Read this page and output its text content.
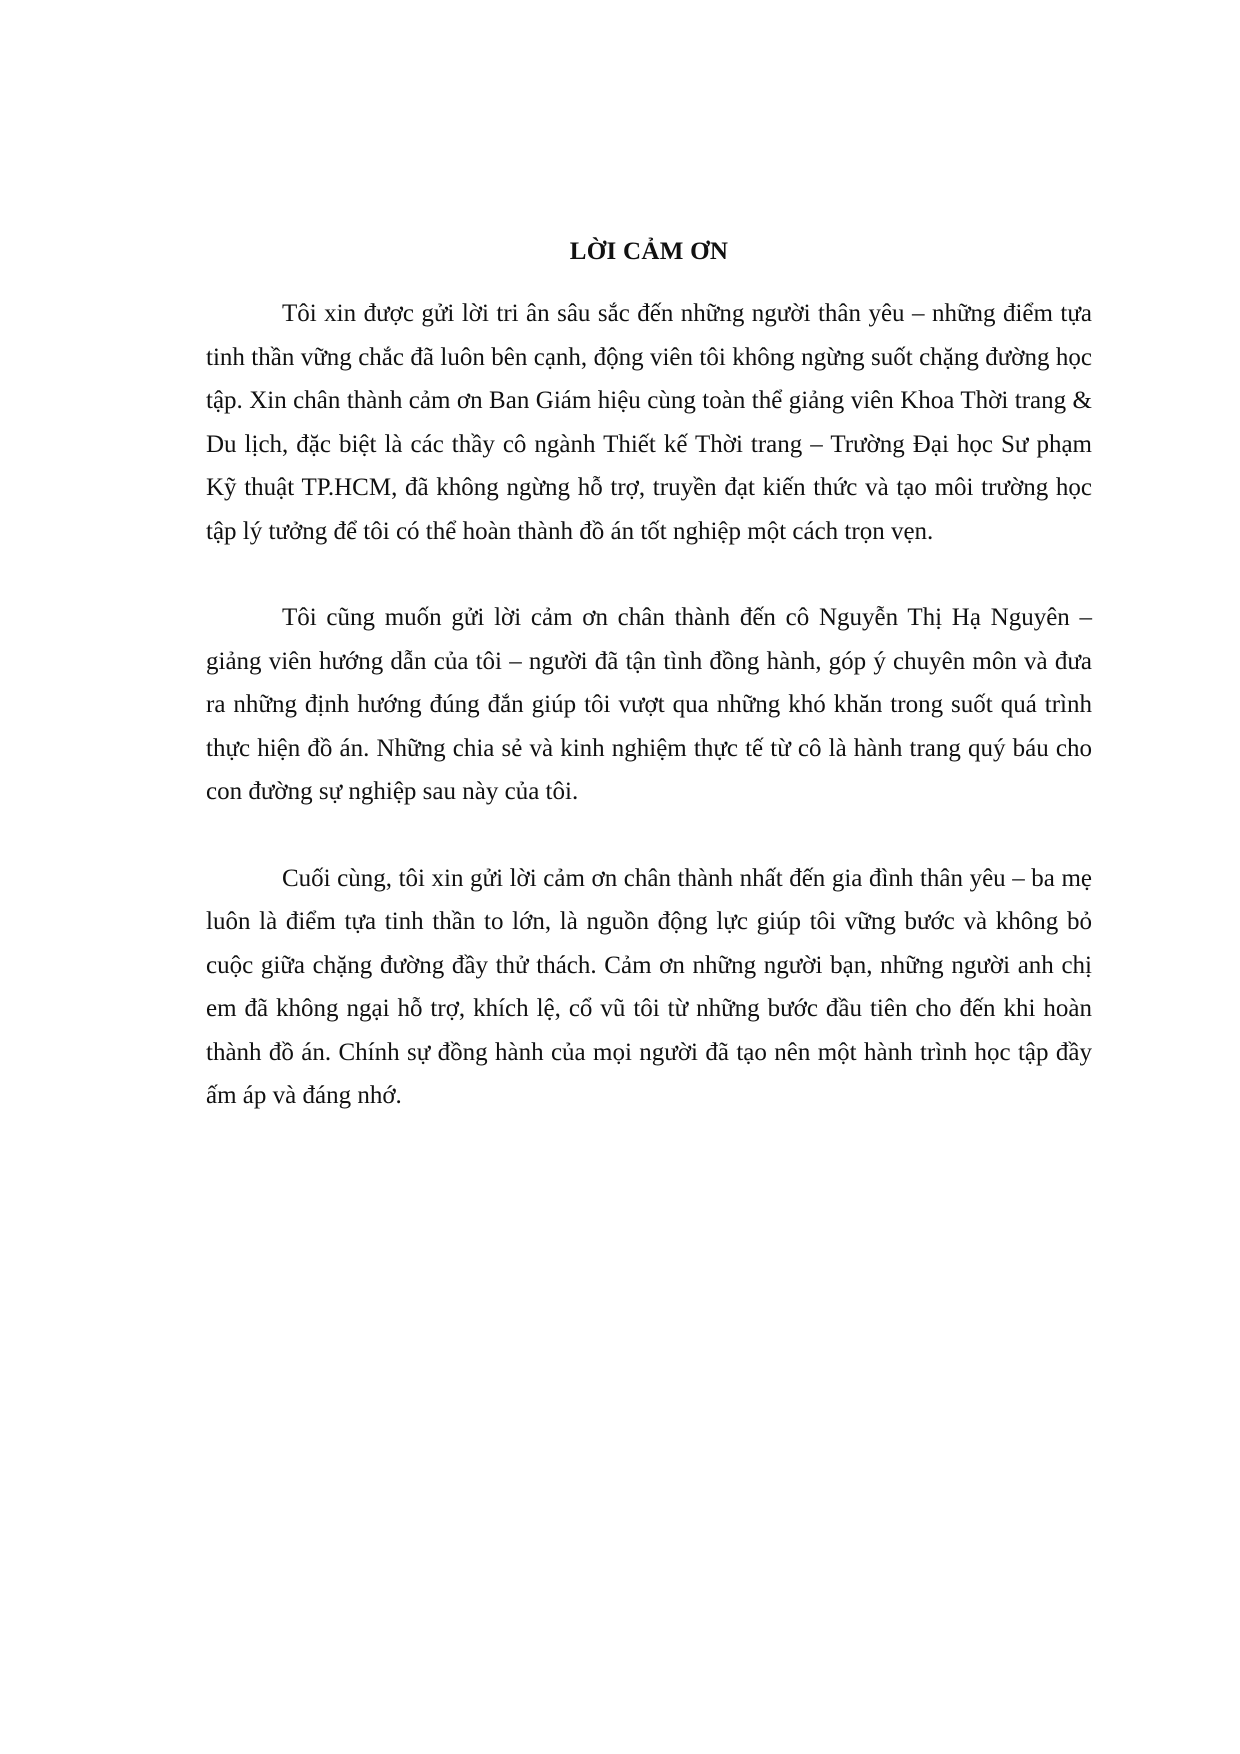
LỜI CẢM ƠN

Tôi xin được gửi lời tri ân sâu sắc đến những người thân yêu – những điểm tựa tinh thần vững chắc đã luôn bên cạnh, động viên tôi không ngừng suốt chặng đường học tập. Xin chân thành cảm ơn Ban Giám hiệu cùng toàn thể giảng viên Khoa Thời trang & Du lịch, đặc biệt là các thầy cô ngành Thiết kế Thời trang – Trường Đại học Sư phạm Kỹ thuật TP.HCM, đã không ngừng hỗ trợ, truyền đạt kiến thức và tạo môi trường học tập lý tưởng để tôi có thể hoàn thành đồ án tốt nghiệp một cách trọn vẹn.

Tôi cũng muốn gửi lời cảm ơn chân thành đến cô Nguyễn Thị Hạ Nguyên – giảng viên hướng dẫn của tôi – người đã tận tình đồng hành, góp ý chuyên môn và đưa ra những định hướng đúng đắn giúp tôi vượt qua những khó khăn trong suốt quá trình thực hiện đồ án. Những chia sẻ và kinh nghiệm thực tế từ cô là hành trang quý báu cho con đường sự nghiệp sau này của tôi.

Cuối cùng, tôi xin gửi lời cảm ơn chân thành nhất đến gia đình thân yêu – ba mẹ luôn là điểm tựa tinh thần to lớn, là nguồn động lực giúp tôi vững bước và không bỏ cuộc giữa chặng đường đầy thử thách. Cảm ơn những người bạn, những người anh chị em đã không ngại hỗ trợ, khích lệ, cổ vũ tôi từ những bước đầu tiên cho đến khi hoàn thành đồ án. Chính sự đồng hành của mọi người đã tạo nên một hành trình học tập đầy ấm áp và đáng nhớ.
